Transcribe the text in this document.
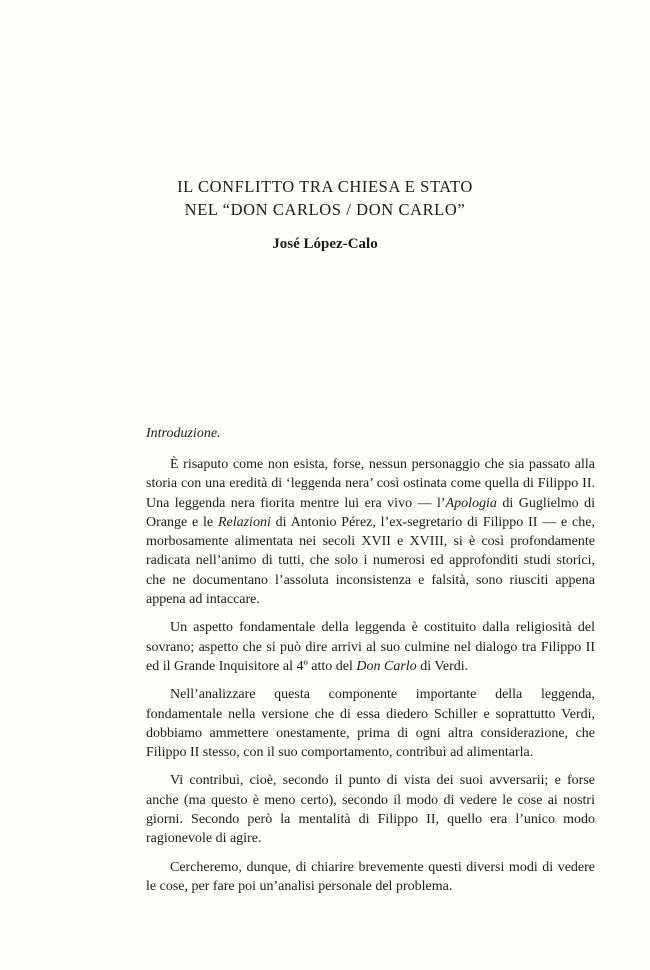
IL CONFLITTO TRA CHIESA E STATO
NEL “DON CARLOS / DON CARLO”
José López-Calo
Introduzione.

È risaputo come non esista, forse, nessun personaggio che sia passato alla storia con una eredità di ‘leggenda nera’ così ostinata come quella di Filippo II. Una leggenda nera fiorita mentre lui era vivo — l’Apologia di Guglielmo di Orange e le Relazioni di Antonio Pérez, l’ex-segretario di Filippo II — e che, morbosamente alimentata nei secoli XVII e XVIII, si è così profondamente radicata nell’animo di tutti, che solo i numerosi ed approfonditi studi storici, che ne documentano l’assoluta inconsistenza e falsità, sono riusciti appena appena ad intaccare.

Un aspetto fondamentale della leggenda è costituito dalla religiosità del sovrano; aspetto che si può dire arrivi al suo culmine nel dialogo tra Filippo II ed il Grande Inquisitore al 4º atto del Don Carlo di Verdi.

Nell’analizzare questa componente importante della leggenda, fondamentale nella versione che di essa diedero Schiller e soprattutto Verdi, dobbiamo ammettere onestamente, prima di ogni altra considerazione, che Filippo II stesso, con il suo comportamento, contribuì ad alimentarla.

Vi contribuì, cioè, secondo il punto di vista dei suoi avversarii; e forse anche (ma questo è meno certo), secondo il modo di vedere le cose ai nostri giorni. Secondo però la mentalità di Filippo II, quello era l’unico modo ragionevole di agire.

Cercheremo, dunque, di chiarire brevemente questi diversi modi di vedere le cose, per fare poi un’analisi personale del problema.
